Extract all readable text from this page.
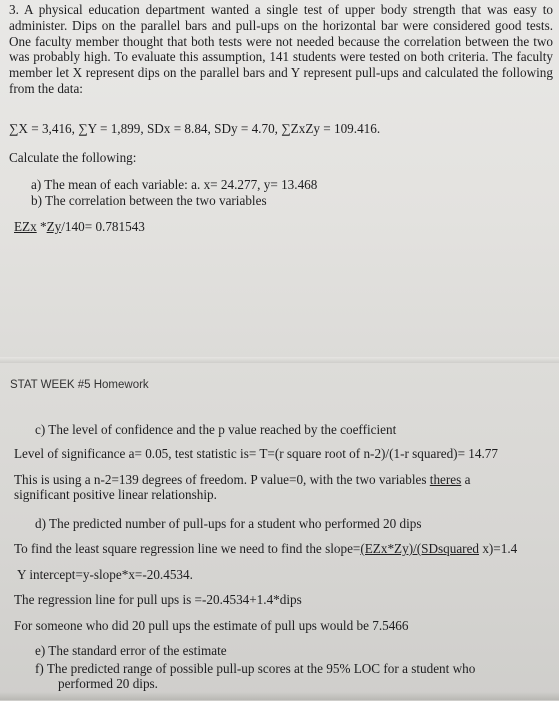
3. A physical education department wanted a single test of upper body strength that was easy to administer. Dips on the parallel bars and pull-ups on the horizontal bar were considered good tests. One faculty member thought that both tests were not needed because the correlation between the two was probably high. To evaluate this assumption, 141 students were tested on both criteria. The faculty member let X represent dips on the parallel bars and Y represent pull-ups and calculated the following from the data:
∑X = 3,416, ∑Y = 1,899, SDx = 8.84, SDy = 4.70, ∑ZxZy = 109.416.
Calculate the following:
a) The mean of each variable: a. x= 24.277, y= 13.468
b) The correlation between the two variables
EZx *Zy/140= 0.781543
STAT WEEK #5 Homework
c) The level of confidence and the p value reached by the coefficient
Level of significance a= 0.05, test statistic is= T=(r square root of n-2)/(1-r squared)= 14.77
This is using a n-2=139 degrees of freedom. P value=0, with the two variables theres a
significant positive linear relationship.
d) The predicted number of pull-ups for a student who performed 20 dips
To find the least square regression line we need to find the slope=(EZx*Zy)/(SDsquared x)=1.4
Y intercept=y-slope*x=-20.4534.
The regression line for pull ups is =-20.4534+1.4*dips
For someone who did 20 pull ups the estimate of pull ups would be 7.5466
e) The standard error of the estimate
f) The predicted range of possible pull-up scores at the 95% LOC for a student who
performed 20 dips.
